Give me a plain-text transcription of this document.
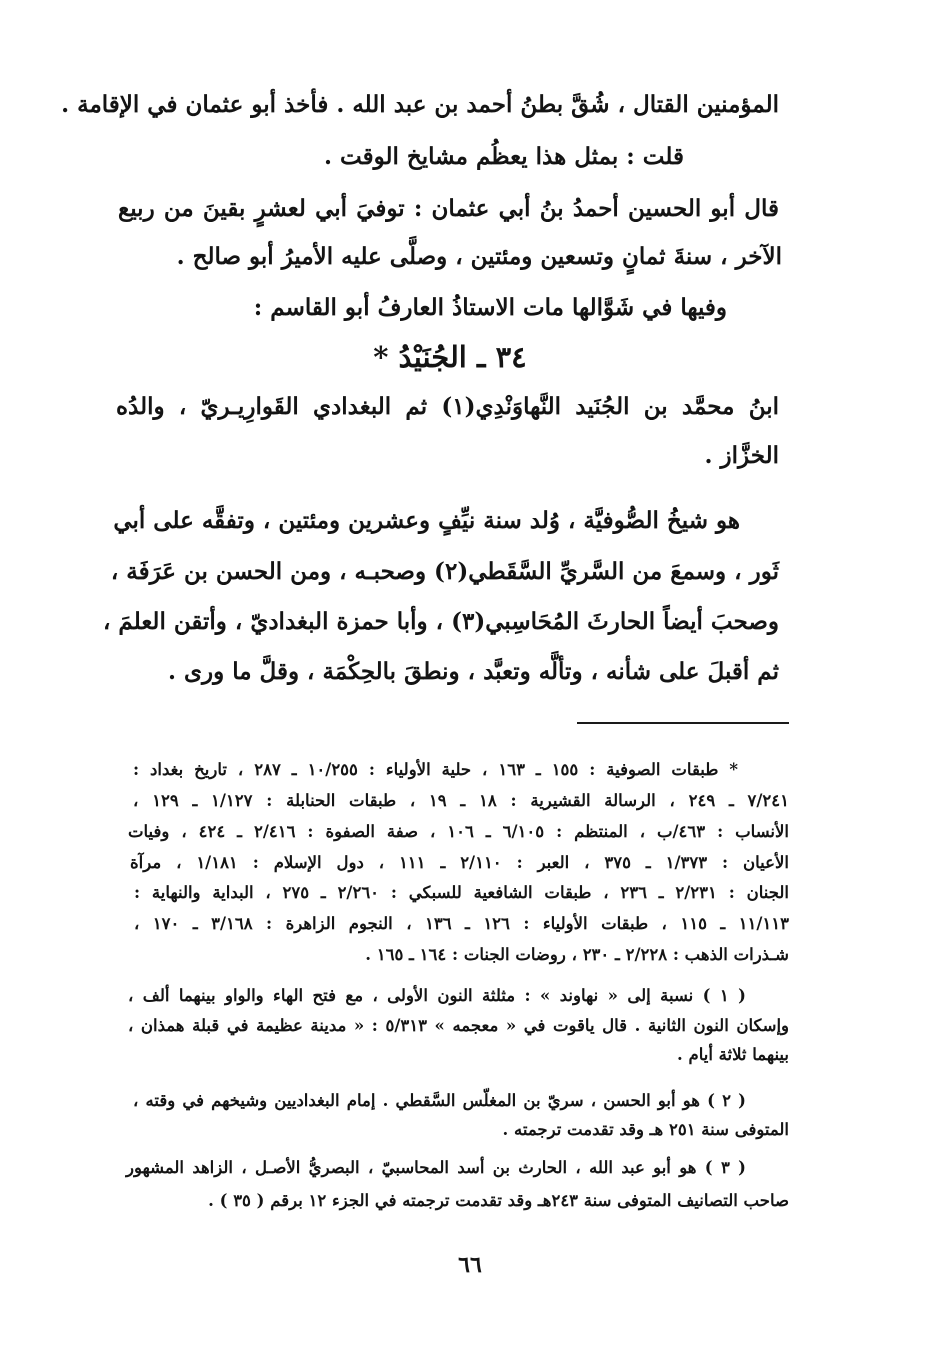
المؤمنين القتال ، شُقَّ بطنُ أحمد بن عبد الله . فأخذ أبو عثمان في الإقامة .

قلت : بمثل هذا يعظُم مشايخ الوقت .

قال أبو الحسين أحمدُ بنُ أبي عثمان : توفيَ أبي لعشرٍ بقينَ من ربيع

الآخر ، سنةَ ثمانٍ وتسعين ومئتين ، وصلَّى عليه الأميرُ أبو صالح .

وفيها في شَوَّالها مات الاستاذُ العارفُ أبو القاسم :

٣٤ ـ الجُنَيْدُ *

ابنُ محمَّد بن الجُنَيد النَّهاوَنْدِي(١) ثم البغدادي القَوارِيـريّ ، والدُه

الخزَّاز .

هو شيخُ الصُّوفيَّة ، وُلد سنة نيِّفٍ وعشرين ومئتين ، وتفقَّه على أبي

ثَور ، وسمعَ من السَّريِّ السَّقَطي(٢) وصحبـه ، ومن الحسن بن عَرَفَة ،

وصحبَ أيضاً الحارثَ المُحَاسِبي(٣) ، وأبا حمزة البغداديّ ، وأتقن العلمَ ،

ثم أقبلَ على شأنه ، وتألَّه وتعبَّد ، ونطقَ بالحِكْمَة ، وقلَّ ما ورى .

* طبقات الصوفية : ١٥٥ ـ ١٦٣ ، حلية الأولياء : ١٠/٢٥٥ ـ ٢٨٧ ، تاريخ بغداد :

٧/٢٤١ ـ ٢٤٩ ، الرسالة القشيرية : ١٨ ـ ١٩ ، طبقات الحنابلة : ١/١٢٧ ـ ١٢٩ ،

الأنساب : ٤٦٣/ب ، المنتظم : ٦/١٠٥ ـ ١٠٦ ، صفة الصفوة : ٢/٤١٦ ـ ٤٢٤ ، وفيات

الأعيان : ١/٣٧٣ ـ ٣٧٥ ، العبر : ٢/١١٠ ـ ١١١ ، دول الإسلام : ١/١٨١ ، مرآة

الجنان : ٢/٢٣١ ـ ٢٣٦ ، طبقات الشافعية للسبكي : ٢/٢٦٠ ـ ٢٧٥ ، البداية والنهاية :

١١/١١٣ ـ ١١٥ ، طبقات الأولياء : ١٢٦ ـ ١٣٦ ، النجوم الزاهرة : ٣/١٦٨ ـ ١٧٠ ،

شـذرات الذهب : ٢/٢٢٨ ـ ٢٣٠ ، روضات الجنات : ١٦٤ ـ ١٦٥ .

( ١ ) نسبة إلى « نهاوند » : مثلثة النون الأولى ، مع فتح الهاء والواو بينهما ألف ،

وإسكان النون الثانية . قال ياقوت في « معجمه » ٥/٣١٣ : « مدينة عظيمة في قبلة همذان ،

بينهما ثلاثة أيام .

( ٢ ) هو أبو الحسن ، سريّ بن المغلّس السَّقطي . إمام البغداديين وشيخهم في وقته ،

المتوفى سنة ٢٥١ هـ وقد تقدمت ترجمته .

( ٣ ) هو أبو عبد الله ، الحارث بن أسد المحاسبيّ ، البصريُّ الأصـل ، الزاهد المشهور

صاحب التصانيف المتوفى سنة ٢٤٣هـ وقد تقدمت ترجمته في الجزء ١٢ برقم ( ٣٥ ) .

٦٦
